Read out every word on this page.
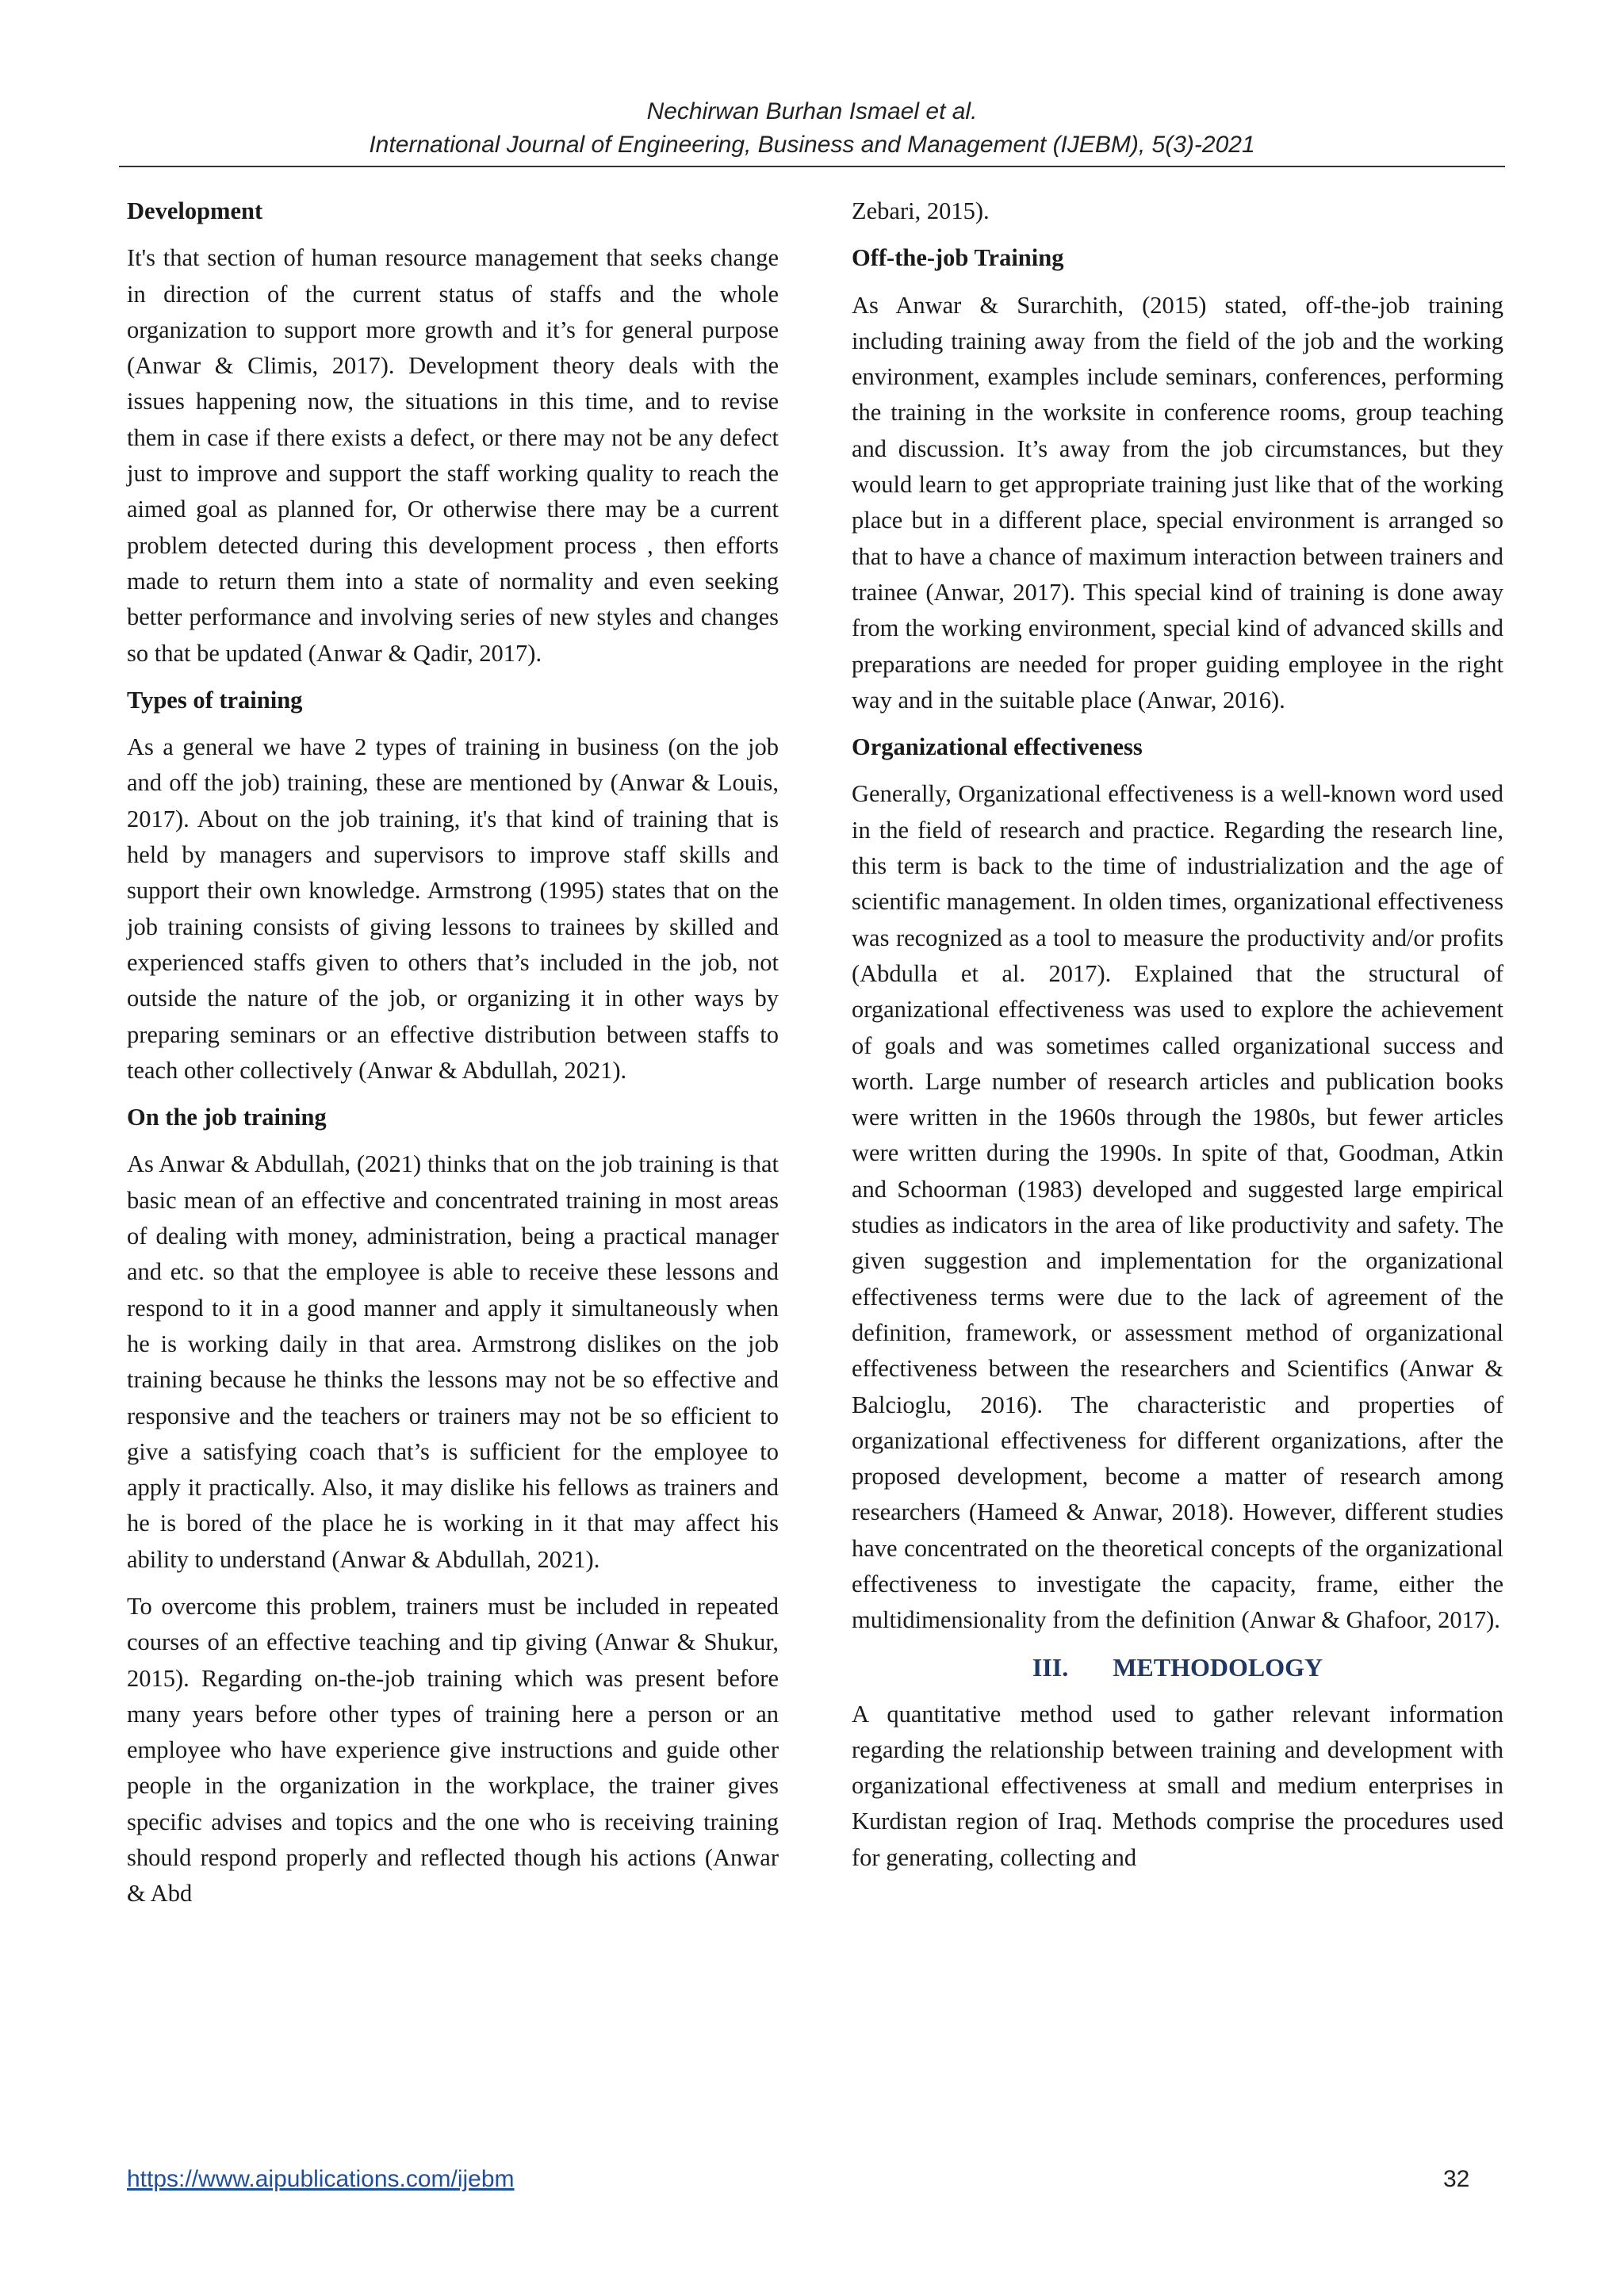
Nechirwan Burhan Ismael et al.
International Journal of Engineering, Business and Management (IJEBM), 5(3)-2021
Development

It's that section of human resource management that seeks change in direction of the current status of staffs and the whole organization to support more growth and it’s for general purpose (Anwar & Climis, 2017). Development theory deals with the issues happening now, the situations in this time, and to revise them in case if there exists a defect, or there may not be any defect just to improve and support the staff working quality to reach the aimed goal as planned for, Or otherwise there may be a current problem detected during this development process , then efforts made to return them into a state of normality and even seeking better performance and involving series of new styles and changes so that be updated (Anwar & Qadir, 2017).

Types of training

As a general we have 2 types of training in business (on the job and off the job) training, these are mentioned by (Anwar & Louis, 2017). About on the job training, it's that kind of training that is held by managers and supervisors to improve staff skills and support their own knowledge. Armstrong (1995) states that on the job training consists of giving lessons to trainees by skilled and experienced staffs given to others that’s included in the job, not outside the nature of the job, or organizing it in other ways by preparing seminars or an effective distribution between staffs to teach other collectively (Anwar & Abdullah, 2021).

On the job training

As Anwar & Abdullah, (2021) thinks that on the job training is that basic mean of an effective and concentrated training in most areas of dealing with money, administration, being a practical manager and etc. so that the employee is able to receive these lessons and respond to it in a good manner and apply it simultaneously when he is working daily in that area. Armstrong dislikes on the job training because he thinks the lessons may not be so effective and responsive and the teachers or trainers may not be so efficient to give a satisfying coach that’s is sufficient for the employee to apply it practically. Also, it may dislike his fellows as trainers and he is bored of the place he is working in it that may affect his ability to understand (Anwar & Abdullah, 2021).

To overcome this problem, trainers must be included in repeated courses of an effective teaching and tip giving (Anwar & Shukur, 2015). Regarding on-the-job training which was present before many years before other types of training here a person or an employee who have experience give instructions and guide other people in the organization in the workplace, the trainer gives specific advises and topics and the one who is receiving training should respond properly and reflected though his actions (Anwar & Abd

Zebari, 2015).

Off-the-job Training

As Anwar & Surarchith, (2015) stated, off-the-job training including training away from the field of the job and the working environment, examples include seminars, conferences, performing the training in the worksite in conference rooms, group teaching and discussion. It’s away from the job circumstances, but they would learn to get appropriate training just like that of the working place but in a different place, special environment is arranged so that to have a chance of maximum interaction between trainers and trainee (Anwar, 2017). This special kind of training is done away from the working environment, special kind of advanced skills and preparations are needed for proper guiding employee in the right way and in the suitable place (Anwar, 2016).

Organizational effectiveness

Generally, Organizational effectiveness is a well-known word used in the field of research and practice. Regarding the research line, this term is back to the time of industrialization and the age of scientific management. In olden times, organizational effectiveness was recognized as a tool to measure the productivity and/or profits (Abdulla et al. 2017). Explained that the structural of organizational effectiveness was used to explore the achievement of goals and was sometimes called organizational success and worth. Large number of research articles and publication books were written in the 1960s through the 1980s, but fewer articles were written during the 1990s. In spite of that, Goodman, Atkin and Schoorman (1983) developed and suggested large empirical studies as indicators in the area of like productivity and safety. The given suggestion and implementation for the organizational effectiveness terms were due to the lack of agreement of the definition, framework, or assessment method of organizational effectiveness between the researchers and Scientifics (Anwar & Balcioglu, 2016). The characteristic and properties of organizational effectiveness for different organizations, after the proposed development, become a matter of research among researchers (Hameed & Anwar, 2018). However, different studies have concentrated on the theoretical concepts of the organizational effectiveness to investigate the capacity, frame, either the multidimensionality from the definition (Anwar & Ghafoor, 2017).

III. METHODOLOGY

A quantitative method used to gather relevant information regarding the relationship between training and development with organizational effectiveness at small and medium enterprises in Kurdistan region of Iraq. Methods comprise the procedures used for generating, collecting and

https://www.aipublications.com/ijebm	32
